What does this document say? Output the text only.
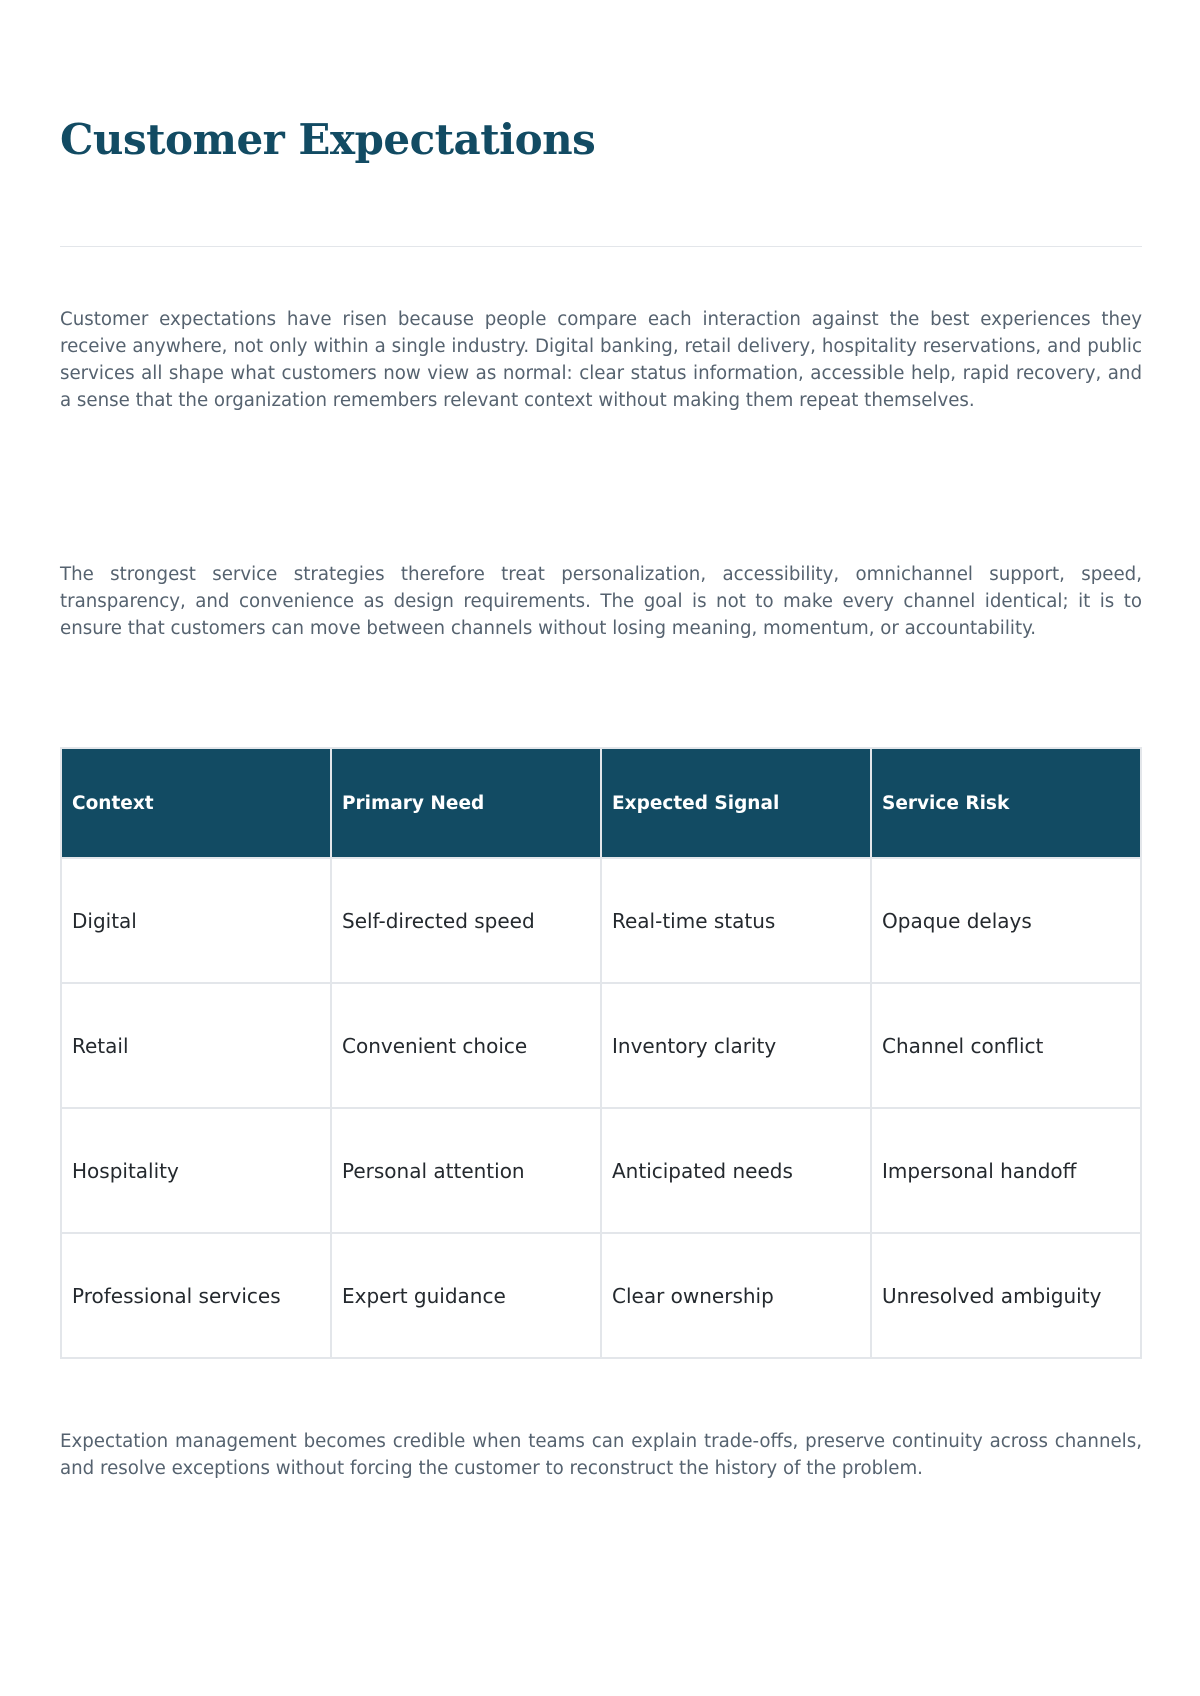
Customer Expectations

Customer expectations have risen because people compare each interaction against the best experiences they receive anywhere, not only within a single industry. Digital banking, retail delivery, hospitality reservations, and public services all shape what customers now view as normal: clear status information, accessible help, rapid recovery, and a sense that the organization remembers relevant context without making them repeat themselves.

The strongest service strategies therefore treat personalization, accessibility, omnichannel support, speed, transparency, and convenience as design requirements. The goal is not to make every channel identical; it is to ensure that customers can move between channels without losing meaning, momentum, or accountability.

Context	Primary Need	Expected Signal	Service Risk
Digital	Self-directed speed	Real-time status	Opaque delays
Retail	Convenient choice	Inventory clarity	Channel conflict
Hospitality	Personal attention	Anticipated needs	Impersonal handoff
Professional services	Expert guidance	Clear ownership	Unresolved ambiguity

Expectation management becomes credible when teams can explain trade-offs, preserve continuity across channels, and resolve exceptions without forcing the customer to reconstruct the history of the problem.
